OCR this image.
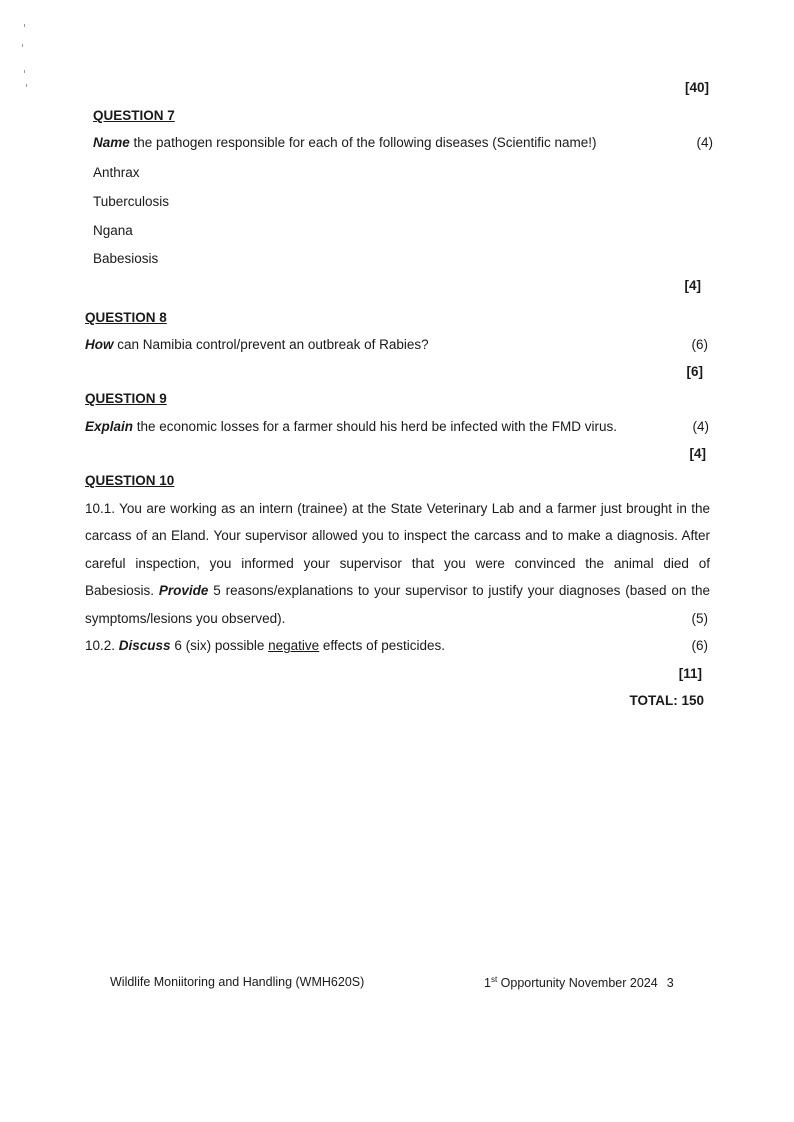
[40]
QUESTION 7
Name the pathogen responsible for each of the following diseases (Scientific name!)	(4)
Anthrax
Tuberculosis
Ngana
Babesiosis
[4]
QUESTION 8
How can Namibia control/prevent an outbreak of Rabies?	(6)
[6]
QUESTION 9
Explain the economic losses for a farmer should his herd be infected with the FMD virus.	(4)
[4]
QUESTION 10
10.1. You are working as an intern (trainee) at the State Veterinary Lab and a farmer just brought in the
carcass of an Eland. Your supervisor allowed you to inspect the carcass and to make a diagnosis. After
careful inspection, you informed your supervisor that you were convinced the animal died of
Babesiosis. Provide 5 reasons/explanations to your supervisor to justify your diagnoses (based on the
symptoms/lesions you observed).	(5)
10.2. Discuss 6 (six) possible negative effects of pesticides.	(6)
[11]
TOTAL: 150
Wildlife Moniitoring and Handling (WMH620S)	1st Opportunity November 2024 3
